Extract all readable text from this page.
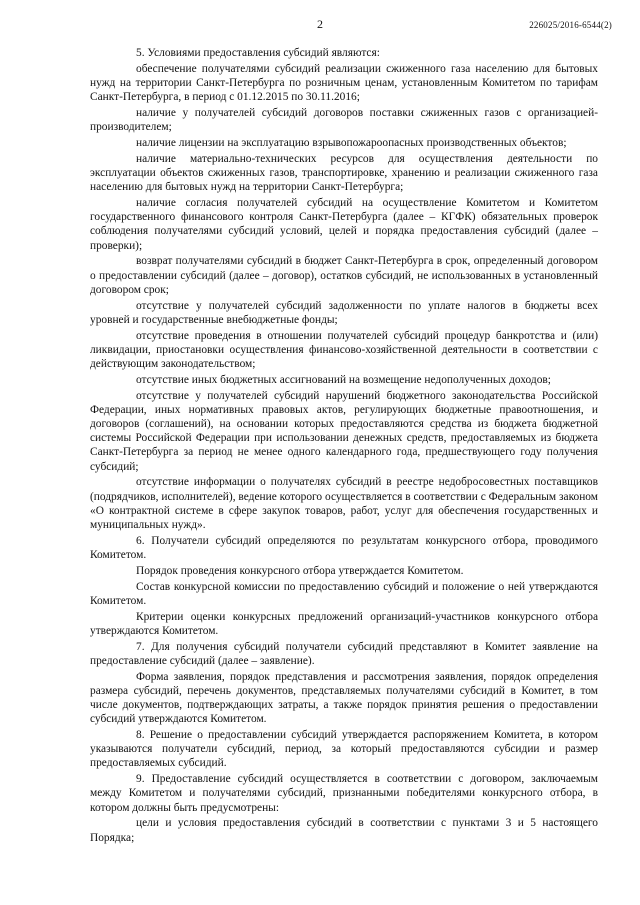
2	226025/2016-6544(2)

5. Условиями предоставления субсидий являются:

обеспечение получателями субсидий реализации сжиженного газа населению для бытовых нужд на территории Санкт-Петербурга по розничным ценам, установленным Комитетом по тарифам Санкт-Петербурга, в период с 01.12.2015 по 30.11.2016;

наличие у получателей субсидий договоров поставки сжиженных газов с организацией-производителем;

наличие лицензии на эксплуатацию взрывопожароопасных производственных объектов;

наличие материально-технических ресурсов для осуществления деятельности по эксплуатации объектов сжиженных газов, транспортировке, хранению и реализации сжиженного газа населению для бытовых нужд на территории Санкт-Петербурга;

наличие согласия получателей субсидий на осуществление Комитетом и Комитетом государственного финансового контроля Санкт-Петербурга (далее – КГФК) обязательных проверок соблюдения получателями субсидий условий, целей и порядка предоставления субсидий (далее – проверки);

возврат получателями субсидий в бюджет Санкт-Петербурга в срок, определенный договором о предоставлении субсидий (далее – договор), остатков субсидий, не использованных в установленный договором срок;

отсутствие у получателей субсидий задолженности по уплате налогов в бюджеты всех уровней и государственные внебюджетные фонды;

отсутствие проведения в отношении получателей субсидий процедур банкротства и (или) ликвидации, приостановки осуществления финансово-хозяйственной деятельности в соответствии с действующим законодательством;

отсутствие иных бюджетных ассигнований на возмещение недополученных доходов;

отсутствие у получателей субсидий нарушений бюджетного законодательства Российской Федерации, иных нормативных правовых актов, регулирующих бюджетные правоотношения, и договоров (соглашений), на основании которых предоставляются средства из бюджета бюджетной системы Российской Федерации при использовании денежных средств, предоставляемых из бюджета Санкт-Петербурга за период не менее одного календарного года, предшествующего году получения субсидий;

отсутствие информации о получателях субсидий в реестре недобросовестных поставщиков (подрядчиков, исполнителей), ведение которого осуществляется в соответствии с Федеральным законом «О контрактной системе в сфере закупок товаров, работ, услуг для обеспечения государственных и муниципальных нужд».

6. Получатели субсидий определяются по результатам конкурсного отбора, проводимого Комитетом.

Порядок проведения конкурсного отбора утверждается Комитетом.

Состав конкурсной комиссии по предоставлению субсидий и положение о ней утверждаются Комитетом.

Критерии оценки конкурсных предложений организаций-участников конкурсного отбора утверждаются Комитетом.

7. Для получения субсидий получатели субсидий представляют в Комитет заявление на предоставление субсидий (далее – заявление).

Форма заявления, порядок представления и рассмотрения заявления, порядок определения размера субсидий, перечень документов, представляемых получателями субсидий в Комитет, в том числе документов, подтверждающих затраты, а также порядок принятия решения о предоставлении субсидий утверждаются Комитетом.

8. Решение о предоставлении субсидий утверждается распоряжением Комитета, в котором указываются получатели субсидий, период, за который предоставляются субсидии и размер предоставляемых субсидий.

9. Предоставление субсидий осуществляется в соответствии с договором, заключаемым между Комитетом и получателями субсидий, признанными победителями конкурсного отбора, в котором должны быть предусмотрены:

цели и условия предоставления субсидий в соответствии с пунктами 3 и 5 настоящего Порядка;
